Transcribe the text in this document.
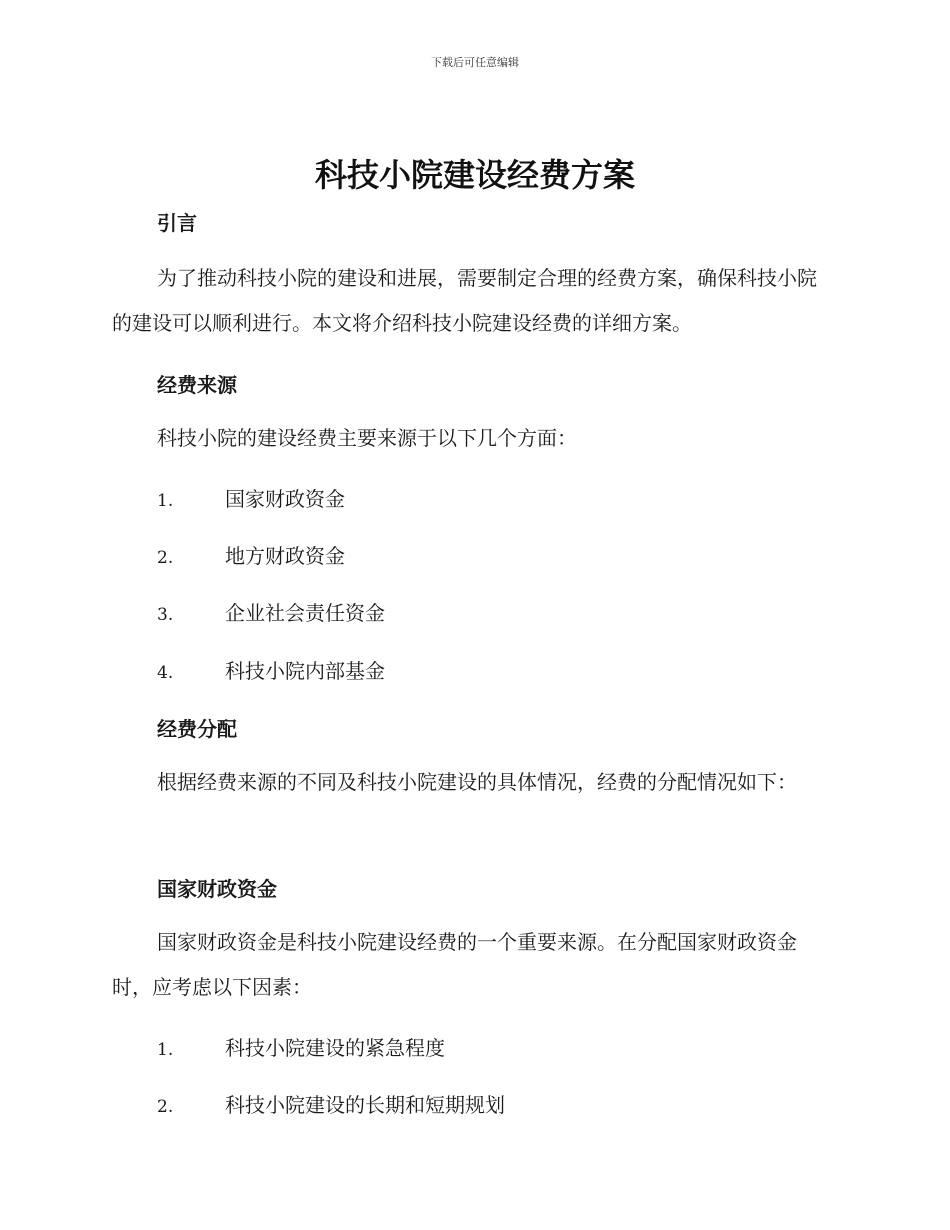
下载后可任意编辑
科技小院建设经费方案
引言

为了推动科技小院的建设和进展，需要制定合理的经费方案，确保科技小院的建设可以顺利进行。本文将介绍科技小院建设经费的详细方案。

经费来源

科技小院的建设经费主要来源于以下几个方面：

1.	国家财政资金
2.	地方财政资金
3.	企业社会责任资金
4.	科技小院内部基金
经费分配

根据经费来源的不同及科技小院建设的具体情况，经费的分配情况如下：

国家财政资金

国家财政资金是科技小院建设经费的一个重要来源。在分配国家财政资金时，应考虑以下因素：

1.	科技小院建设的紧急程度
2.	科技小院建设的长期和短期规划
